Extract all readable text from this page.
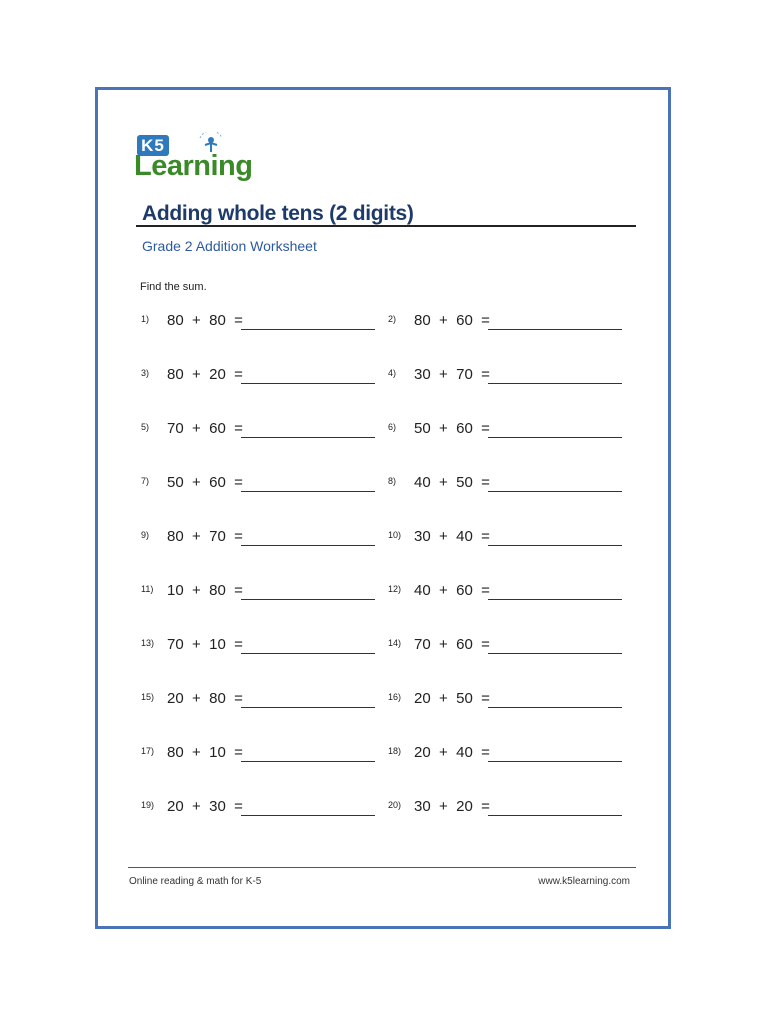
K5
Learning
Adding whole tens (2 digits)
Grade 2 Addition Worksheet
Find the sum.
1) 80  +  80  =	2) 80  +  60  =
3) 80  +  20  =	4) 30  +  70  =
5) 70  +  60  =	6) 50  +  60  =
7) 50  +  60  =	8) 40  +  50  =
9) 80  +  70  =	10) 30  +  40  =
11) 10  +  80  =	12) 40  +  60  =
13) 70  +  10  =	14) 70  +  60  =
15) 20  +  80  =	16) 20  +  50  =
17) 80  +  10  =	18) 20  +  40  =
19) 20  +  30  =	20) 30  +  20  =
Online reading & math for K-5	www.k5learning.com
